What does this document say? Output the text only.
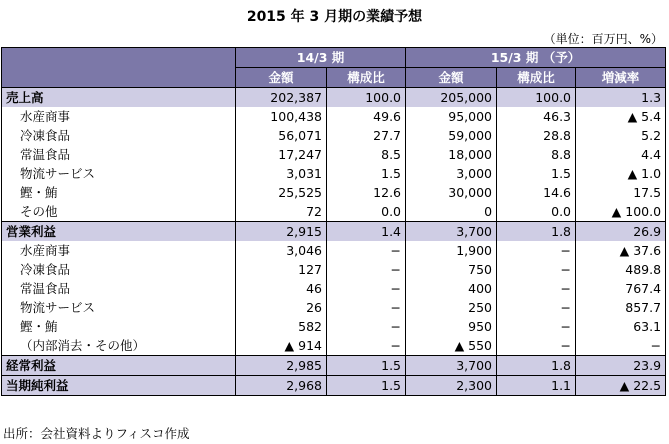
2015 年 3 月期の業績予想
（単位：百万円、%）
	14/3 期		15/3 期 （予）		
	金額	構成比	金額	構成比	増減率
売上高	202,387	100.0	205,000	100.0	1.3
水産商事	100,438	49.6	95,000	46.3	▲ 5.4
冷凍食品	56,071	27.7	59,000	28.8	5.2
常温食品	17,247	8.5	18,000	8.8	4.4
物流サービス	3,031	1.5	3,000	1.5	▲ 1.0
鰹・鮪	25,525	12.6	30,000	14.6	17.5
その他	72	0.0	0	0.0	▲ 100.0
営業利益	2,915	1.4	3,700	1.8	26.9
水産商事	3,046	−	1,900	−	▲ 37.6
冷凍食品	127	−	750	−	489.8
常温食品	46	−	400	−	767.4
物流サービス	26	−	250	−	857.7
鰹・鮪	582	−	950	−	63.1
（内部消去・その他）	▲ 914	−	▲ 550	−	−
経常利益	2,985	1.5	3,700	1.8	23.9
当期純利益	2,968	1.5	2,300	1.1	▲ 22.5
出所：会社資料よりフィスコ作成
